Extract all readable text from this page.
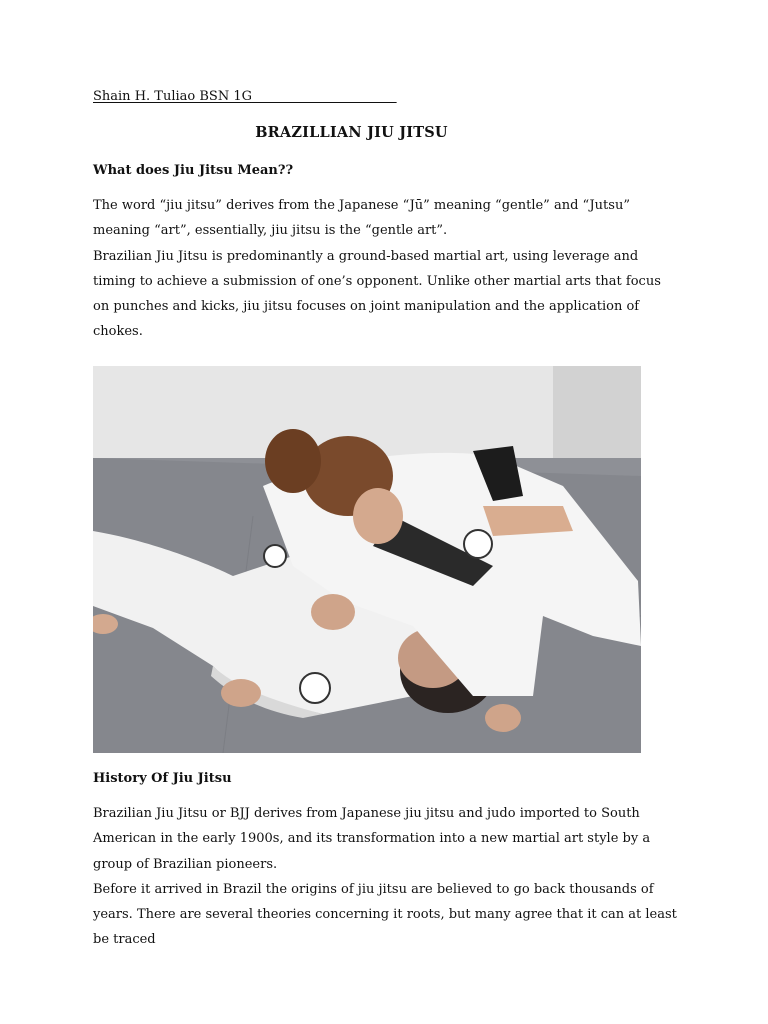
Shain H. Tuliao BSN 1G
BRAZILLIAN JIU JITSU
What does Jiu Jitsu Mean??

The word “jiu jitsu” derives from the Japanese “Jū” meaning “gentle” and “Jutsu” meaning “art”, essentially, jiu jitsu is the “gentle art”.

Brazilian Jiu Jitsu is predominantly a ground-based martial art, using leverage and timing to achieve a submission of one’s opponent. Unlike other martial arts that focus on punches and kicks, jiu jitsu focuses on joint manipulation and the application of chokes.

History Of Jiu Jitsu

Brazilian Jiu Jitsu or BJJ derives from Japanese jiu jitsu and judo imported to South American in the early 1900s, and its transformation into a new martial art style by a group of Brazilian pioneers.

Before it arrived in Brazil the origins of jiu jitsu are believed to go back thousands of years. There are several theories concerning it roots, but many agree that it can at least be traced
